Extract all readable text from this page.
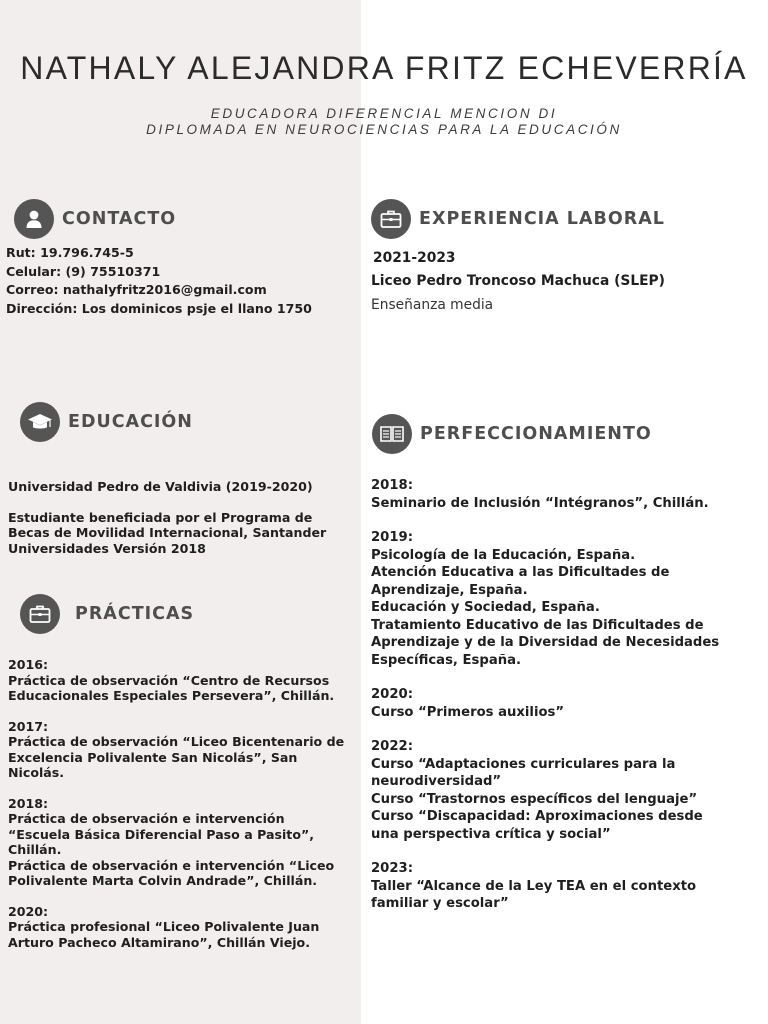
NATHALY ALEJANDRA FRITZ ECHEVERRÍA
EDUCADORA DIFERENCIAL MENCION DI
DIPLOMADA EN NEUROCIENCIAS PARA LA EDUCACIÓN
CONTACTO

Rut: 19.796.745-5

Celular: (9) 75510371

Correo: nathalyfritz2016@gmail.com

Dirección: Los dominicos psje el llano 1750

EDUCACIÓN

Universidad Pedro de Valdivia (2019-2020)

Estudiante beneficiada por el Programa de

Becas de Movilidad Internacional, Santander

Universidades Versión 2018

PRÁCTICAS

2016:

Práctica de observación “Centro de Recursos

Educacionales Especiales Persevera”, Chillán.

2017:

Práctica de observación “Liceo Bicentenario de

Excelencia Polivalente San Nicolás”, San

Nicolás.

2018:

Práctica de observación e intervención

“Escuela Básica Diferencial Paso a Pasito”,

Chillán.

Práctica de observación e intervención “Liceo

Polivalente Marta Colvin Andrade”, Chillán.

2020:

Práctica profesional “Liceo Polivalente Juan

Arturo Pacheco Altamirano”, Chillán Viejo.

EXPERIENCIA LABORAL

2021-2023

Liceo Pedro Troncoso Machuca (SLEP)

Enseñanza media

PERFECCIONAMIENTO

2018:

Seminario de Inclusión “Intégranos”, Chillán.

2019:

Psicología de la Educación, España.

Atención Educativa a las Dificultades de

Aprendizaje, España.

Educación y Sociedad, España.

Tratamiento Educativo de las Dificultades de

Aprendizaje y de la Diversidad de Necesidades

Específicas, España.

2020:

Curso “Primeros auxilios”

2022:

Curso “Adaptaciones curriculares para la

neurodiversidad”

Curso “Trastornos específicos del lenguaje”

Curso “Discapacidad: Aproximaciones desde

una perspectiva crítica y social”

2023:

Taller “Alcance de la Ley TEA en el contexto

familiar y escolar”
